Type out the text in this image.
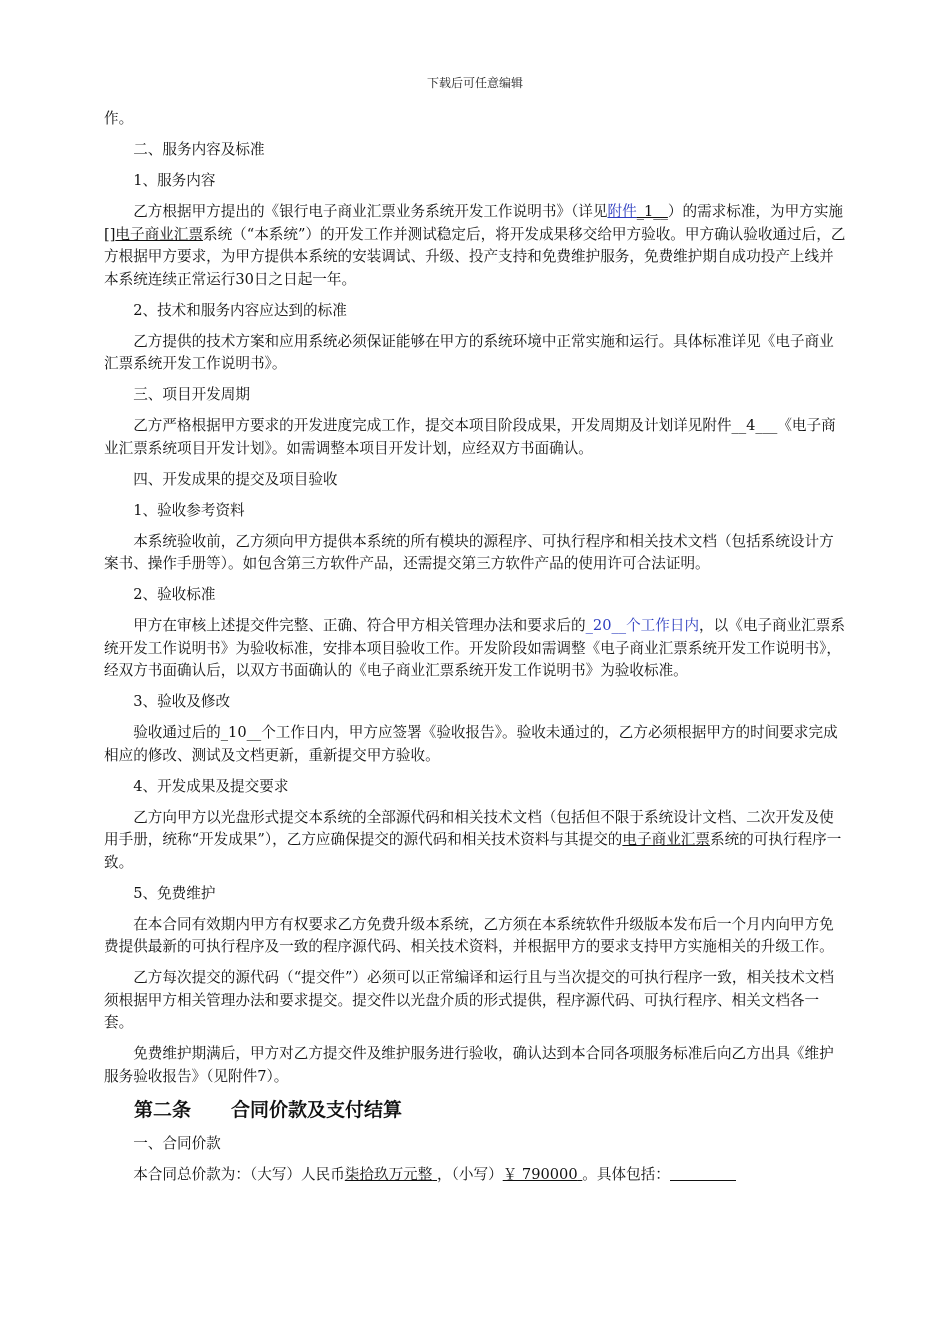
下载后可任意编辑

作。

二、服务内容及标准

1、服务内容

乙方根据甲方提出的《银行电子商业汇票业务系统开发工作说明书》（详见附件_1__）的需求标准，为甲方实施[]电子商业汇票系统（“本系统”）的开发工作并测试稳定后，将开发成果移交给甲方验收。甲方确认验收通过后，乙方根据甲方要求，为甲方提供本系统的安装调试、升级、投产支持和免费维护服务，免费维护期自成功投产上线并本系统连续正常运行30日之日起一年。

2、技术和服务内容应达到的标准

乙方提供的技术方案和应用系统必须保证能够在甲方的系统环境中正常实施和运行。具体标准详见《电子商业汇票系统开发工作说明书》。

三、项目开发周期

乙方严格根据甲方要求的开发进度完成工作，提交本项目阶段成果，开发周期及计划详见附件__4___《电子商业汇票系统项目开发计划》。如需调整本项目开发计划，应经双方书面确认。

四、开发成果的提交及项目验收

1、验收参考资料

本系统验收前，乙方须向甲方提供本系统的所有模块的源程序、可执行程序和相关技术文档（包括系统设计方案书、操作手册等）。如包含第三方软件产品，还需提交第三方软件产品的使用许可合法证明。

2、验收标准

甲方在审核上述提交件完整、正确、符合甲方相关管理办法和要求后的_20__个工作日内，以《电子商业汇票系统开发工作说明书》为验收标准，安排本项目验收工作。开发阶段如需调整《电子商业汇票系统开发工作说明书》，经双方书面确认后，以双方书面确认的《电子商业汇票系统开发工作说明书》为验收标准。

3、验收及修改

验收通过后的_10__个工作日内，甲方应签署《验收报告》。验收未通过的，乙方必须根据甲方的时间要求完成相应的修改、测试及文档更新，重新提交甲方验收。

4、开发成果及提交要求

乙方向甲方以光盘形式提交本系统的全部源代码和相关技术文档（包括但不限于系统设计文档、二次开发及使用手册，统称“开发成果”），乙方应确保提交的源代码和相关技术资料与其提交的电子商业汇票系统的可执行程序一致。

5、免费维护

在本合同有效期内甲方有权要求乙方免费升级本系统，乙方须在本系统软件升级版本发布后一个月内向甲方免费提供最新的可执行程序及一致的程序源代码、相关技术资料，并根据甲方的要求支持甲方实施相关的升级工作。

乙方每次提交的源代码（“提交件”）必须可以正常编译和运行且与当次提交的可执行程序一致，相关技术文档须根据甲方相关管理办法和要求提交。提交件以光盘介质的形式提供，程序源代码、可执行程序、相关文档各一套。

免费维护期满后，甲方对乙方提交件及维护服务进行验收，确认达到本合同各项服务标准后向乙方出具《维护服务验收报告》（见附件7）。

第二条 合同价款及支付结算

一、合同价款

本合同总价款为：（大写）人民币柒拾玖万元整 ，（小写）￥ 790000 。具体包括：
